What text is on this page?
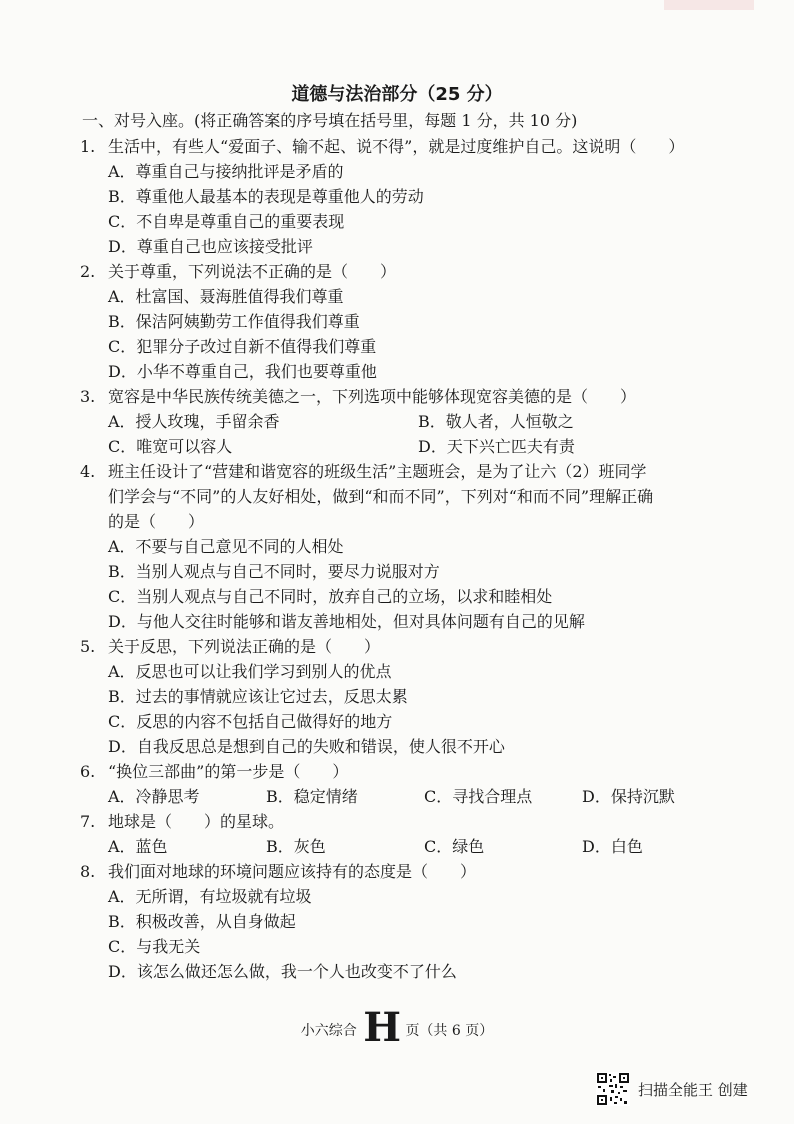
道德与法治部分（25 分）
一、对号入座。(将正确答案的序号填在括号里，每题 1 分，共 10 分)
1. 生活中，有些人“爱面子、输不起、说不得”，就是过度维护自己。这说明（　　）
A．尊重自己与接纳批评是矛盾的
B．尊重他人最基本的表现是尊重他人的劳动
C．不自卑是尊重自己的重要表现
D．尊重自己也应该接受批评
2. 关于尊重，下列说法不正确的是（　　）
A．杜富国、聂海胜值得我们尊重
B．保洁阿姨勤劳工作值得我们尊重
C．犯罪分子改过自新不值得我们尊重
D．小华不尊重自己，我们也要尊重他
3. 宽容是中华民族传统美德之一，下列选项中能够体现宽容美德的是（　　）
A．授人玫瑰，手留余香	B．敬人者，人恒敬之
C．唯宽可以容人	D．天下兴亡匹夫有责
4. 班主任设计了“营建和谐宽容的班级生活”主题班会，是为了让六（2）班同学
们学会与“不同”的人友好相处，做到“和而不同”，下列对“和而不同”理解正确
的是（　　）
A．不要与自己意见不同的人相处
B．当别人观点与自己不同时，要尽力说服对方
C．当别人观点与自己不同时，放弃自己的立场，以求和睦相处
D．与他人交往时能够和谐友善地相处，但对具体问题有自己的见解
5. 关于反思，下列说法正确的是（　　）
A．反思也可以让我们学习到别人的优点
B．过去的事情就应该让它过去，反思太累
C．反思的内容不包括自己做得好的地方
D．自我反思总是想到自己的失败和错误，使人很不开心
6. “换位三部曲”的第一步是（　　）
A．冷静思考	B．稳定情绪	C．寻找合理点	D．保持沉默
7. 地球是（　　）的星球。
A．蓝色	B．灰色	C．绿色	D．白色
8. 我们面对地球的环境问题应该持有的态度是（　　）
A．无所谓，有垃圾就有垃圾
B．积极改善，从自身做起
C．与我无关
D．该怎么做还怎么做，我一个人也改变不了什么
小六综合 H 页（共 6 页）
扫描全能王 创建
